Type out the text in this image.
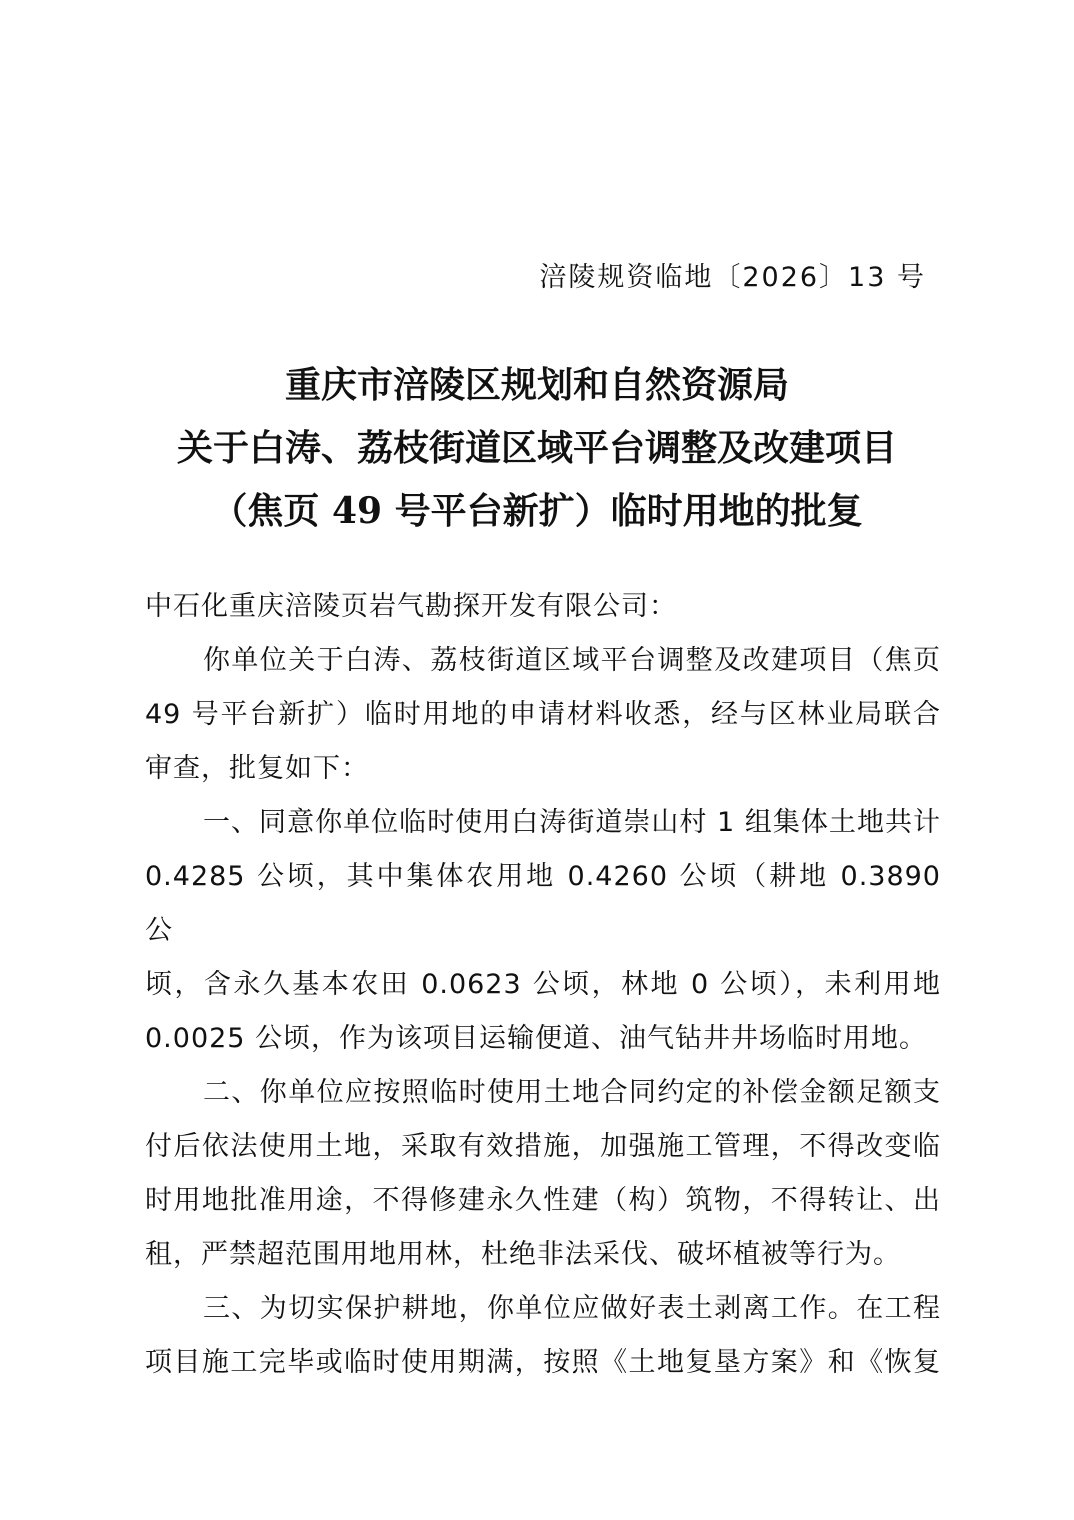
涪陵规资临地〔2026〕13 号
重庆市涪陵区规划和自然资源局
关于白涛、荔枝街道区域平台调整及改建项目
（焦页 49 号平台新扩）临时用地的批复

中石化重庆涪陵页岩气勘探开发有限公司：

你单位关于白涛、荔枝街道区域平台调整及改建项目（焦页

49 号平台新扩）临时用地的申请材料收悉，经与区林业局联合

审查，批复如下：

一、同意你单位临时使用白涛街道崇山村 1 组集体土地共计

0.4285 公顷，其中集体农用地 0.4260 公顷（耕地 0.3890 公

顷，含永久基本农田 0.0623 公顷，林地 0 公顷），未利用地

0.0025 公顷，作为该项目运输便道、油气钻井井场临时用地。

二、你单位应按照临时使用土地合同约定的补偿金额足额支

付后依法使用土地，采取有效措施，加强施工管理，不得改变临

时用地批准用途，不得修建永久性建（构）筑物，不得转让、出

租，严禁超范围用地用林，杜绝非法采伐、破坏植被等行为。

三、为切实保护耕地，你单位应做好表土剥离工作。在工程

项目施工完毕或临时使用期满，按照《土地复垦方案》和《恢复
